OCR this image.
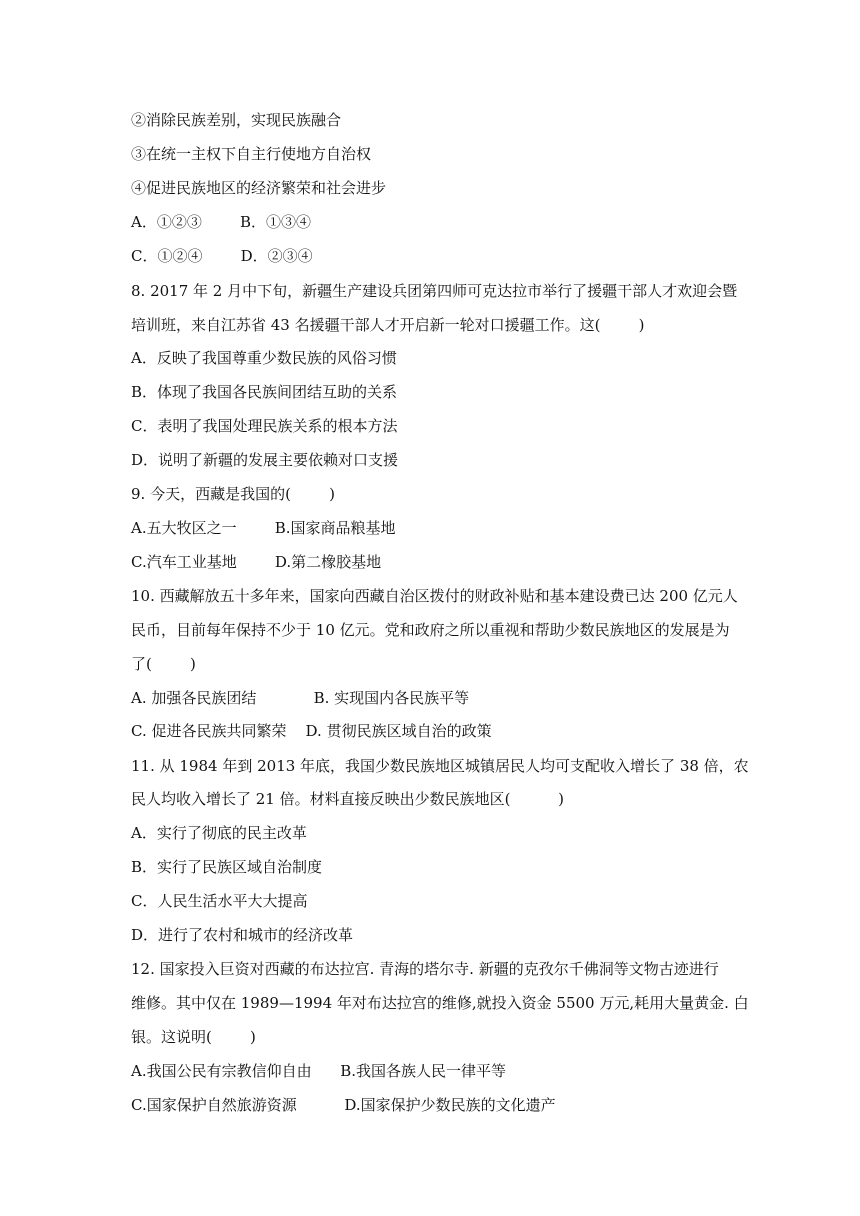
②消除民族差别，实现民族融合
③在统一主权下自主行使地方自治权
④促进民族地区的经济繁荣和社会进步
A．①②③        B．①③④
C．①②④        D．②③④
8. 2017 年 2 月中下旬，新疆生产建设兵团第四师可克达拉市举行了援疆干部人才欢迎会暨
培训班，来自江苏省 43 名援疆干部人才开启新一轮对口援疆工作。这(        )
A．反映了我国尊重少数民族的风俗习惯
B．体现了我国各民族间团结互助的关系
C．表明了我国处理民族关系的根本方法
D．说明了新疆的发展主要依赖对口支援
9. 今天，西藏是我国的(        )
A.五大牧区之一        B.国家商品粮基地
C.汽车工业基地        D.第二橡胶基地
10. 西藏解放五十多年来，国家向西藏自治区拨付的财政补贴和基本建设费已达 200 亿元人
民币，目前每年保持不少于 10 亿元。党和政府之所以重视和帮助少数民族地区的发展是为
了(        )
A. 加强各民族团结            B. 实现国内各民族平等
C. 促进各民族共同繁荣    D. 贯彻民族区域自治的政策
11. 从 1984 年到 2013 年底，我国少数民族地区城镇居民人均可支配收入增长了 38 倍，农
民人均收入增长了 21 倍。材料直接反映出少数民族地区(          )
A．实行了彻底的民主改革
B．实行了民族区域自治制度
C．人民生活水平大大提高
D．进行了农村和城市的经济改革
12. 国家投入巨资对西藏的布达拉宫. 青海的塔尔寺. 新疆的克孜尔千佛洞等文物古迹进行
维修。其中仅在 1989—1994 年对布达拉宫的维修,就投入资金 5500 万元,耗用大量黄金. 白
银。这说明(        )
A.我国公民有宗教信仰自由      B.我国各族人民一律平等
C.国家保护自然旅游资源          D.国家保护少数民族的文化遗产
